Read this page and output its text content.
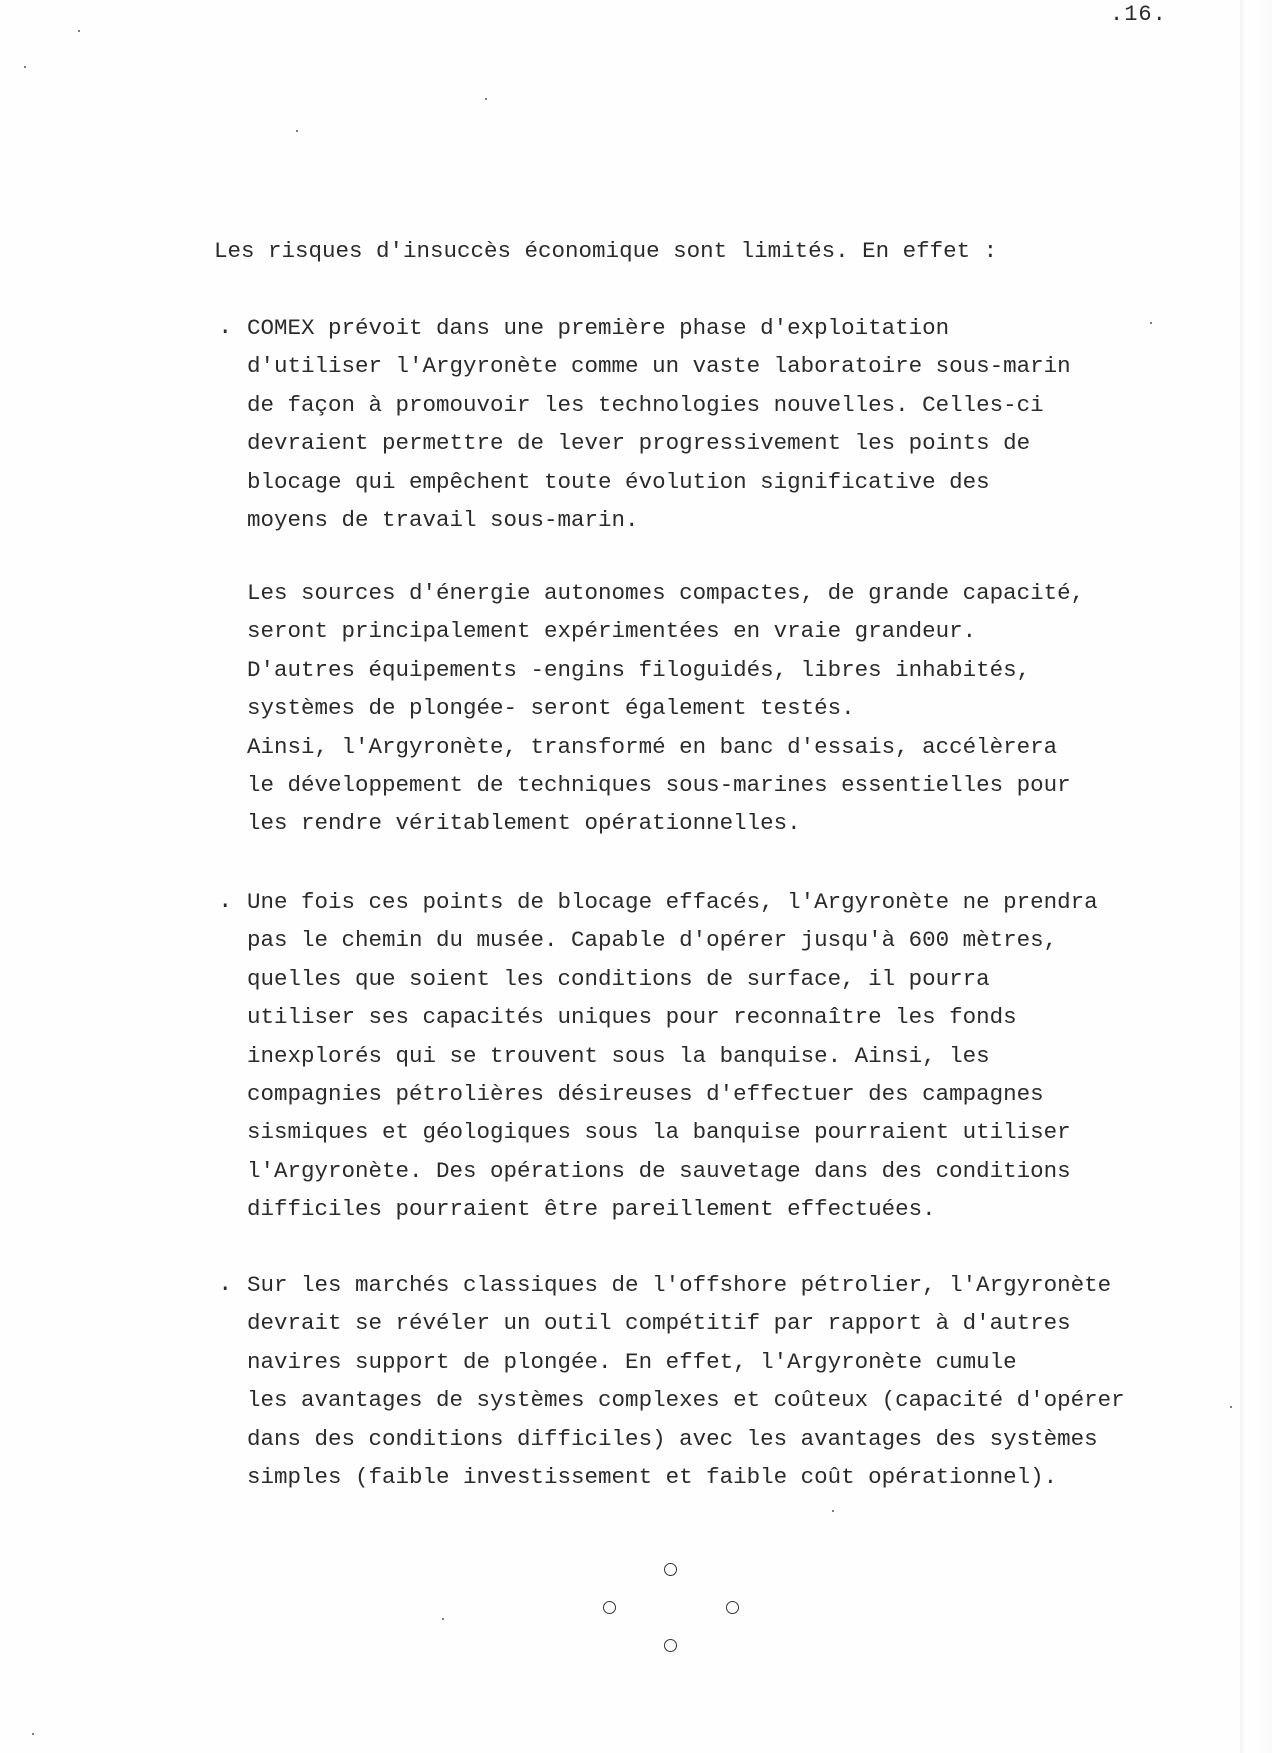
.16.
Les risques d'insuccès économique sont limités. En effet :
. COMEX prévoit dans une première phase d'exploitation
d'utiliser l'Argyronète comme un vaste laboratoire sous-marin
de façon à promouvoir les technologies nouvelles. Celles-ci
devraient permettre de lever progressivement les points de
blocage qui empêchent toute évolution significative des
moyens de travail sous-marin.
Les sources d'énergie autonomes compactes, de grande capacité,
seront principalement expérimentées en vraie grandeur.
D'autres équipements -engins filoguidés, libres inhabités,
systèmes de plongée- seront également testés.
Ainsi, l'Argyronète, transformé en banc d'essais, accélèrera
le développement de techniques sous-marines essentielles pour
les rendre véritablement opérationnelles.
. Une fois ces points de blocage effacés, l'Argyronète ne prendra
pas le chemin du musée. Capable d'opérer jusqu'à 600 mètres,
quelles que soient les conditions de surface, il pourra
utiliser ses capacités uniques pour reconnaître les fonds
inexplorés qui se trouvent sous la banquise. Ainsi, les
compagnies pétrolières désireuses d'effectuer des campagnes
sismiques et géologiques sous la banquise pourraient utiliser
l'Argyronète. Des opérations de sauvetage dans des conditions
difficiles pourraient être pareillement effectuées.
. Sur les marchés classiques de l'offshore pétrolier, l'Argyronète
devrait se révéler un outil compétitif par rapport à d'autres
navires support de plongée. En effet, l'Argyronète cumule
les avantages de systèmes complexes et coûteux (capacité d'opérer
dans des conditions difficiles) avec les avantages des systèmes
simples (faible investissement et faible coût opérationnel).
